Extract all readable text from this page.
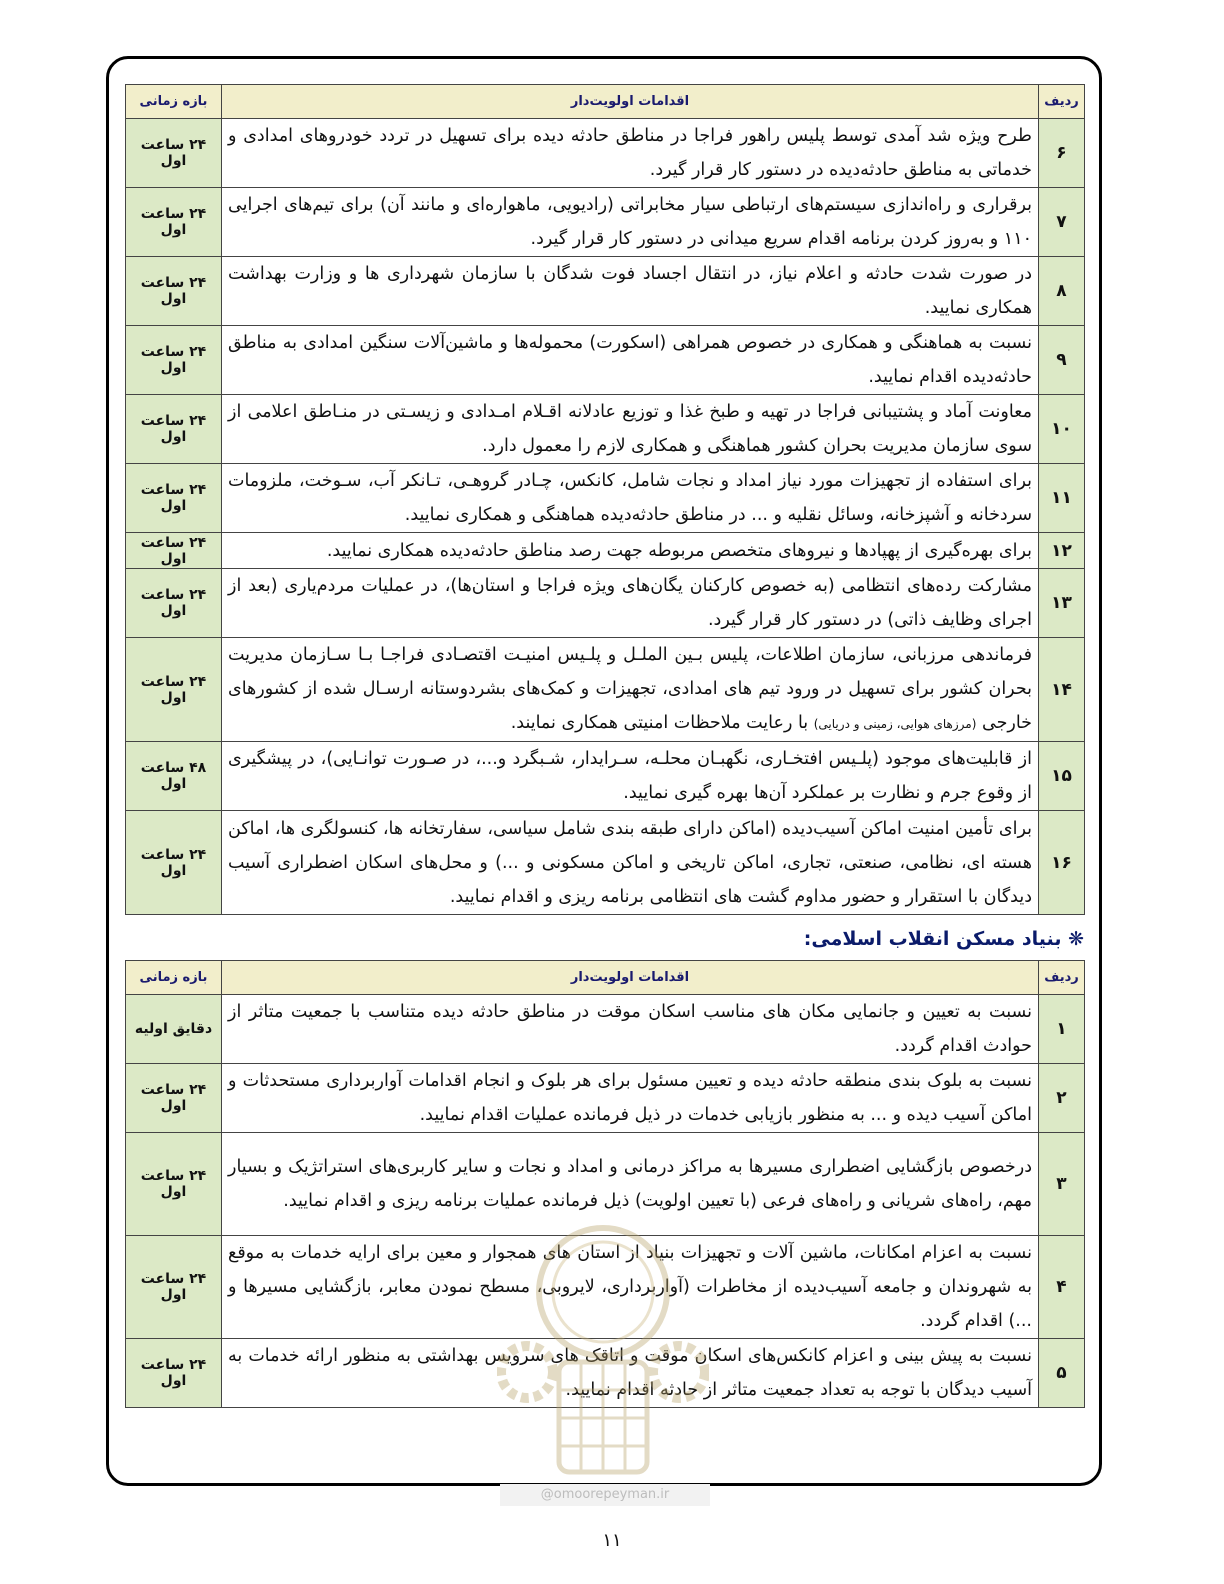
ردیف	اقدامات اولویت‌دار	بازه زمانی
۶	طرح ویژه شد آمدی توسط پلیس راهور فراجا در مناطق حادثه دیده برای تسهیل در تردد خودروهای امدادی و خدماتی به مناطق حادثه‌دیده در دستور کار قرار گیرد.	۲۴ ساعت اول
۷	برقراری و راه‌اندازی سیستم‌های ارتباطی سیار مخابراتی (رادیویی، ماهواره‌ای و مانند آن) برای تیم‌های اجرایی ۱۱۰ و به‌روز کردن برنامه اقدام سریع میدانی در دستور کار قرار گیرد.	۲۴ ساعت اول
۸	در صورت شدت حادثه و اعلام نیاز، در انتقال اجساد فوت شدگان با سازمان شهرداری ها و وزارت بهداشت همکاری نمایید.	۲۴ ساعت اول
۹	نسبت به هماهنگی و همکاری در خصوص همراهی (اسکورت) محموله‌ها و ماشین‌آلات سنگین امدادی به مناطق حادثه‌دیده اقدام نمایید.	۲۴ ساعت اول
۱۰	معاونت آماد و پشتیبانی فراجا در تهیه و طبخ غذا و توزیع عادلانه اقـلام امـدادی و زیسـتی در منـاطق اعلامی از سوی سازمان مدیریت بحران کشور هماهنگی و همکاری لازم را معمول دارد.	۲۴ ساعت اول
۱۱	برای استفاده از تجهیزات مورد نیاز امداد و نجات شامل، کانکس، چـادر گروهـی، تـانکر آب، سـوخت، ملزومات سردخانه و آشپزخانه، وسائل نقلیه و ... در مناطق حادثه‌دیده هماهنگی و همکاری نمایید.	۲۴ ساعت اول
۱۲	برای بهره‌گیری از پهپادها و نیروهای متخصص مربوطه جهت رصد مناطق حادثه‌دیده همکاری نمایید.	۲۴ ساعت اول
۱۳	مشارکت رده‌های انتظامی (به خصوص کارکنان یگان‌های ویژه فراجا و استان‌ها)، در عملیات مردم‌یاری (بعد از اجرای وظایف ذاتی) در دستور کار قرار گیرد.	۲۴ ساعت اول
۱۴	فرماندهی مرزبانی، سازمان اطلاعات، پلیس بـین الملـل و پلـیس امنیـت اقتصـادی فراجـا بـا سـازمان مدیریت بحران کشور برای تسهیل در ورود تیم های امدادی، تجهیزات و کمک‌های بشردوستانه ارسـال شده از کشورهای خارجی (مرزهای هوایی، زمینی و دریایی) با رعایت ملاحظات امنیتی همکاری نمایند.	۲۴ ساعت اول
۱۵	از قابلیت‌های موجود (پلـیس افتخـاری، نگهبـان محلـه، سـرایدار، شـبگرد و...، در صـورت توانـایی)، در پیشگیری از وقوع جرم و نظارت بر عملکرد آن‌ها بهره گیری نمایید.	۴۸ ساعت اول
۱۶	برای تأمین امنیت اماکن آسیب‌دیده (اماکن دارای طبقه بندی شامل سیاسی، سفارتخانه ها، کنسولگری ها، اماکن هسته ای، نظامی، صنعتی، تجاری، اماکن تاریخی و اماکن مسکونی و ...) و محل‌های اسکان اضطراری آسیب دیدگان با استقرار و حضور مداوم گشت های انتظامی برنامه ریزی و اقدام نمایید.	۲۴ ساعت اول
❋ بنیاد مسکن انقلاب اسلامی:
ردیف	اقدامات اولویت‌دار	بازه زمانی
۱	نسبت به تعیین و جانمایی مکان های مناسب اسکان موقت در مناطق حادثه دیده متناسب با جمعیت متاثر از حوادث اقدام گردد.	دقایق اولیه
۲	نسبت به بلوک بندی منطقه حادثه دیده و تعیین مسئول برای هر بلوک و انجام اقدامات آواربرداری مستحدثات و اماکن آسیب دیده و ... به منظور بازیابی خدمات در ذیل فرمانده عملیات اقدام نمایید.	۲۴ ساعت اول
۳	درخصوص بازگشایی اضطراری مسیرها به مراکز درمانی و امداد و نجات و سایر کاربری‌های استراتژیک و بسیار مهم، راه‌های شریانی و راه‌های فرعی (با تعیین اولویت) ذیل فرمانده عملیات برنامه ریزی و اقدام نمایید.	۲۴ ساعت اول
۴	نسبت به اعزام امکانات، ماشین آلات و تجهیزات بنیاد از استان های همجوار و معین برای ارایه خدمات به موقع به شهروندان و جامعه آسیب‌دیده از مخاطرات (آواربرداری، لایروبی، مسطح نمودن معابر، بازگشایی مسیرها و ...) اقدام گردد.	۲۴ ساعت اول
۵	نسبت به پیش بینی و اعزام کانکس‌های اسکان موقت و اتاقک های سرویس بهداشتی به منظور ارائه خدمات به آسیب دیدگان با توجه به تعداد جمعیت متاثر از حادثه اقدام نمایید.	۲۴ ساعت اول
@omoorepeyman.ir
۱۱
